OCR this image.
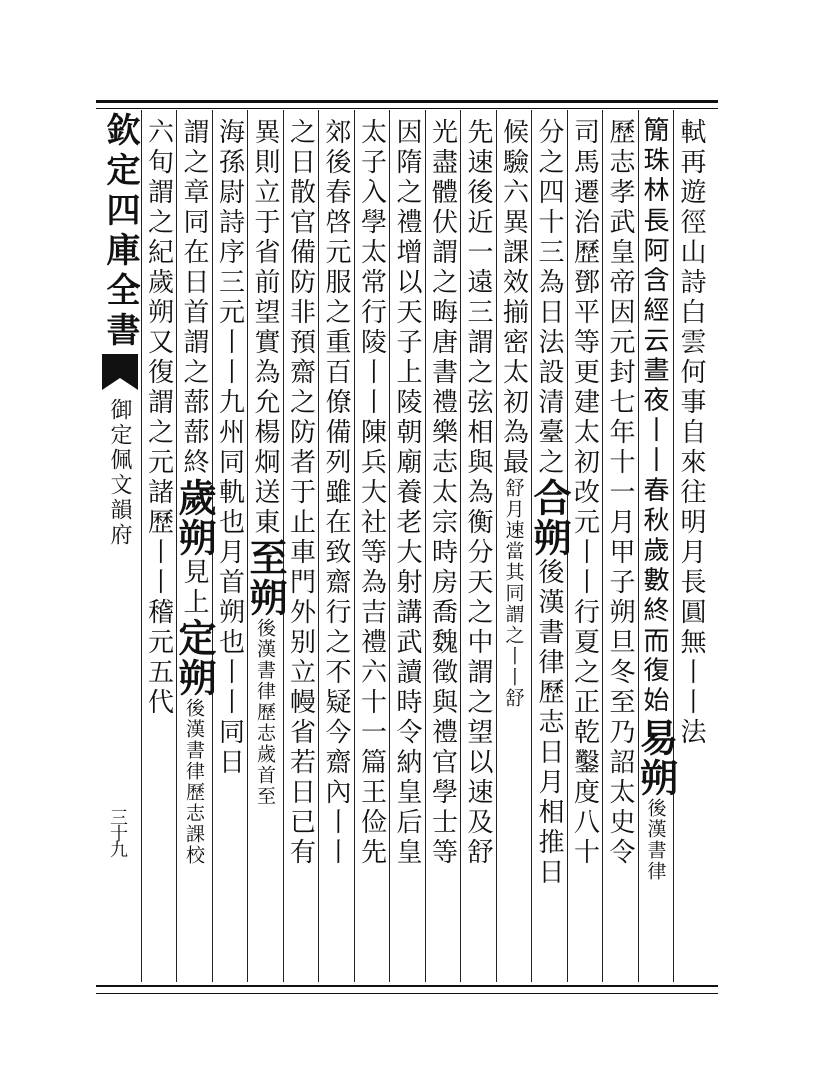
欽定四庫全書
御定佩文韻府
三十九
軾再遊徑山詩白雲何事自來往明月長圓無丨丨法
𥳑珠林長阿含經云晝夜丨丨春秋歲數終而復始易朔後漢書律
歷志孝武皇帝因元封七年十一月甲子朔旦冬至乃詔太史令
司馬遷治歷鄧平等更建太初改元丨丨行夏之正乾鑿度八十
分之四十三為日法設清臺之合朔後漢書律歷志日月相推日
候驗六異課效揃密太初為最舒月速當其同謂之丨丨舒
先速後近一遠三謂之弦相與為衡分天之中謂之望以速及舒
光盡體伏謂之晦唐書禮樂志太宗時房喬魏徵與禮官學士等
因隋之禮增以天子上陵朝廟養老大射講武讀時令納皇后皇
太子入學太常行陵丨丨陳兵大社等為吉禮六十一篇王俭先
郊後春啓元服之重百僚備列雖在致齋行之不疑今齋內丨丨
之日散官備防非預齋之防者于止車門外别立幔省若日已有
異則立于省前望實為允楊炯送東至朔後漢書律歷志歲首至
海孫尉詩序三元丨丨九州同軌也月首朔也丨丨同日
謂之章同在日首謂之蔀蔀終歲朔見上定朔後漢書律歷志課校
六旬謂之紀歲朔又復謂之元諸歷丨丨稽元五代
